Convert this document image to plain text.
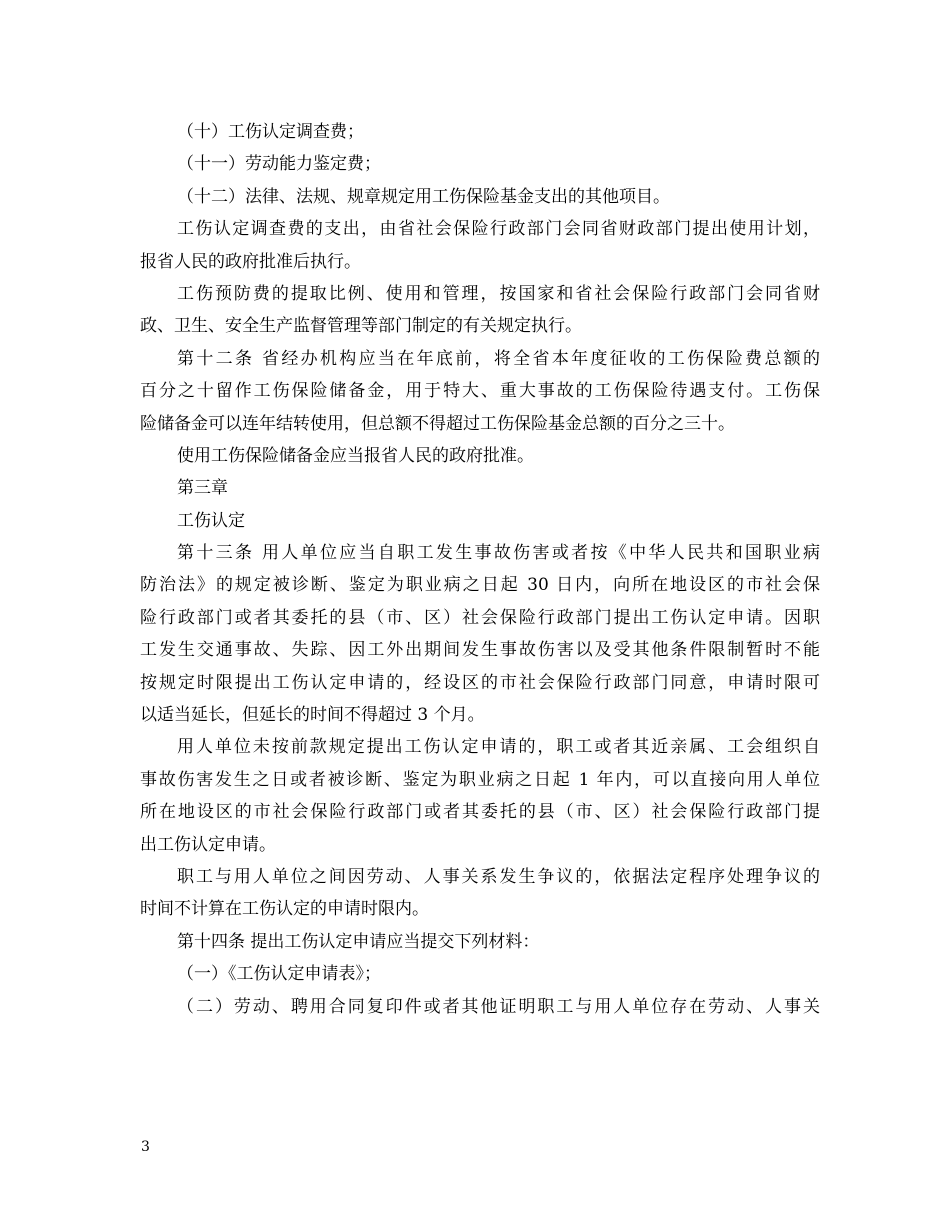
（十）工伤认定调查费；
（十一）劳动能力鉴定费；
（十二）法律、法规、规章规定用工伤保险基金支出的其他项目。
工伤认定调查费的支出，由省社会保险行政部门会同省财政部门提出使用计划，
报省人民的政府批准后执行。
工伤预防费的提取比例、使用和管理，按国家和省社会保险行政部门会同省财
政、卫生、安全生产监督管理等部门制定的有关规定执行。
第十二条 省经办机构应当在年底前，将全省本年度征收的工伤保险费总额的
百分之十留作工伤保险储备金，用于特大、重大事故的工伤保险待遇支付。工伤保
险储备金可以连年结转使用，但总额不得超过工伤保险基金总额的百分之三十。
使用工伤保险储备金应当报省人民的政府批准。
第三章
工伤认定
第十三条 用人单位应当自职工发生事故伤害或者按《中华人民共和国职业病
防治法》的规定被诊断、鉴定为职业病之日起 30 日内，向所在地设区的市社会保
险行政部门或者其委托的县（市、区）社会保险行政部门提出工伤认定申请。因职
工发生交通事故、失踪、因工外出期间发生事故伤害以及受其他条件限制暂时不能
按规定时限提出工伤认定申请的，经设区的市社会保险行政部门同意，申请时限可
以适当延长，但延长的时间不得超过 3 个月。
用人单位未按前款规定提出工伤认定申请的，职工或者其近亲属、工会组织自
事故伤害发生之日或者被诊断、鉴定为职业病之日起 1 年内，可以直接向用人单位
所在地设区的市社会保险行政部门或者其委托的县（市、区）社会保险行政部门提
出工伤认定申请。
职工与用人单位之间因劳动、人事关系发生争议的，依据法定程序处理争议的
时间不计算在工伤认定的申请时限内。
第十四条 提出工伤认定申请应当提交下列材料：
（一）《工伤认定申请表》；
（二）劳动、聘用合同复印件或者其他证明职工与用人单位存在劳动、人事关
3
